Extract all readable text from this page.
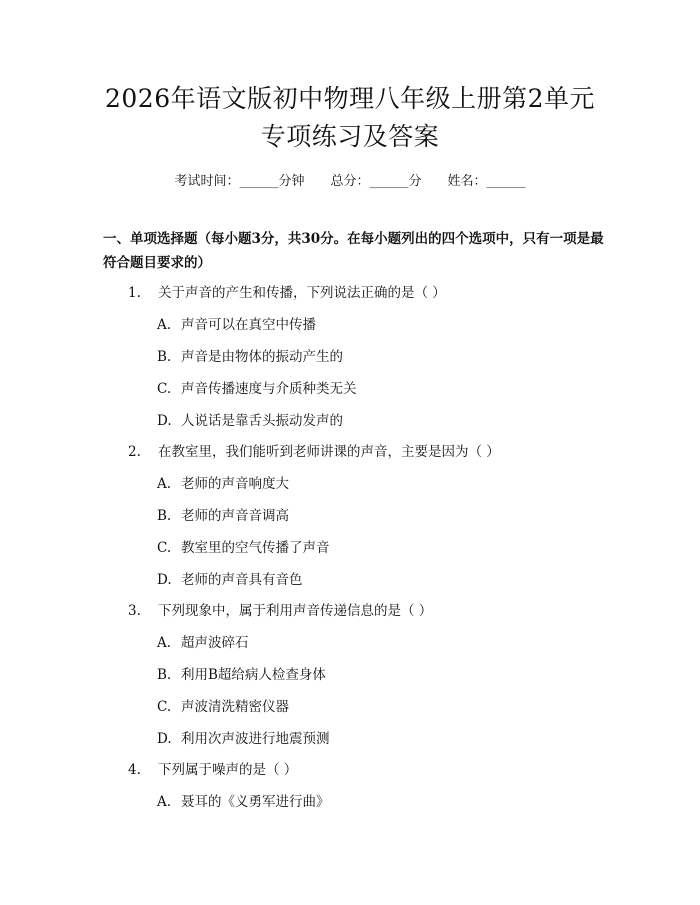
2026年语文版初中物理八年级上册第2单元
专项练习及答案
考试时间：______分钟 总分：______分 姓名：______
一、单项选择题（每小题3分，共30分。在每小题列出的四个选项中，只有一项是最符合题目要求的）
1. 关于声音的产生和传播，下列说法正确的是（ ）
A. 声音可以在真空中传播
B. 声音是由物体的振动产生的
C. 声音传播速度与介质种类无关
D. 人说话是靠舌头振动发声的
2. 在教室里，我们能听到老师讲课的声音，主要是因为（ ）
A. 老师的声音响度大
B. 老师的声音音调高
C. 教室里的空气传播了声音
D. 老师的声音具有音色
3. 下列现象中，属于利用声音传递信息的是（ ）
A. 超声波碎石
B. 利用B超给病人检查身体
C. 声波清洗精密仪器
D. 利用次声波进行地震预测
4. 下列属于噪声的是（ ）
A. 聂耳的《义勇军进行曲》
